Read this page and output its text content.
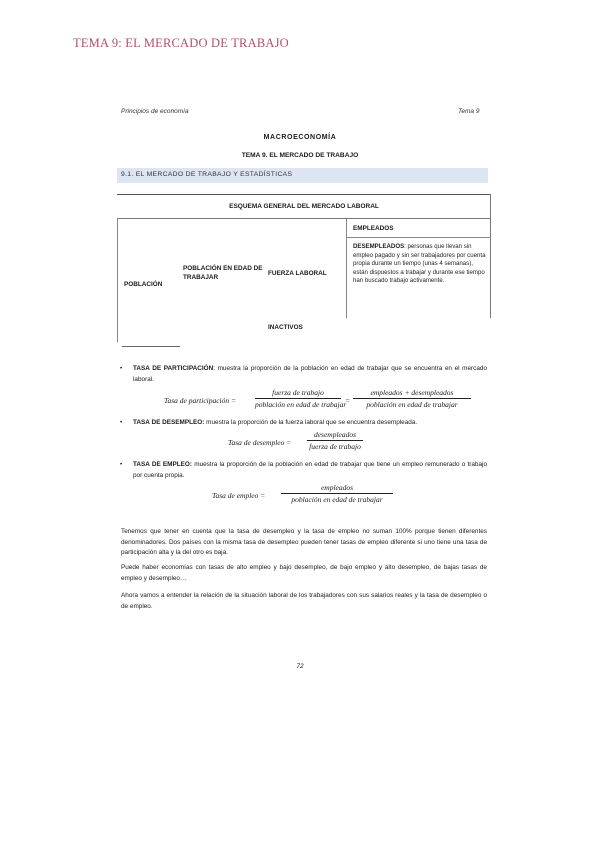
TEMA 9: EL MERCADO DE TRABAJO
Principios de economía	Tema 9
MACROECONOMÍA
TEMA 9. EL MERCADO DE TRABAJO
9.1. EL MERCADO DE TRABAJO Y ESTADÍSTICAS
ESQUEMA GENERAL DEL MERCADO LABORAL
POBLACIÓN
POBLACIÓN EN EDAD DE TRABAJAR
FUERZA LABORAL
EMPLEADOS
DESEMPLEADOS: personas que llevan sin empleo pagado y sin ser trabajadores por cuenta propia durante un tiempo (unas 4 semanas), están dispuestos a trabajar y durante ese tiempo han buscado trabajo activamente.
INACTIVOS
• TASA DE PARTICIPACIÓN: muestra la proporción de la población en edad de trabajar que se encuentra en el mercado laboral.
Tasa de participación =
fuerza de trabajo
población en edad de trabajar
=
empleados + desempleados
población en edad de trabajar
• TASA DE DESEMPLEO: muestra la proporción de la fuerza laboral que se encuentra desempleada.
Tasa de desempleo =
desempleados
fuerza de trabajo
• TASA DE EMPLEO: muestra la proporción de la población en edad de trabajar que tiene un empleo remunerado o trabajo por cuenta propia.
Tasa de empleo =
empleados
población en edad de trabajar
Tenemos que tener en cuenta que la tasa de desempleo y la tasa de empleo no suman 100% porque tienen diferentes denominadores. Dos países con la misma tasa de desempleo pueden tener tasas de empleo diferente si uno tiene una tasa de participación alta y la del otro es baja.
Puede haber economías con tasas de alto empleo y bajo desempleo, de bajo empleo y alto desempleo, de bajas tasas de empleo y desempleo…
Ahora vamos a entender la relación de la situación laboral de los trabajadores con sus salarios reales y la tasa de desempleo o de empleo.
72
